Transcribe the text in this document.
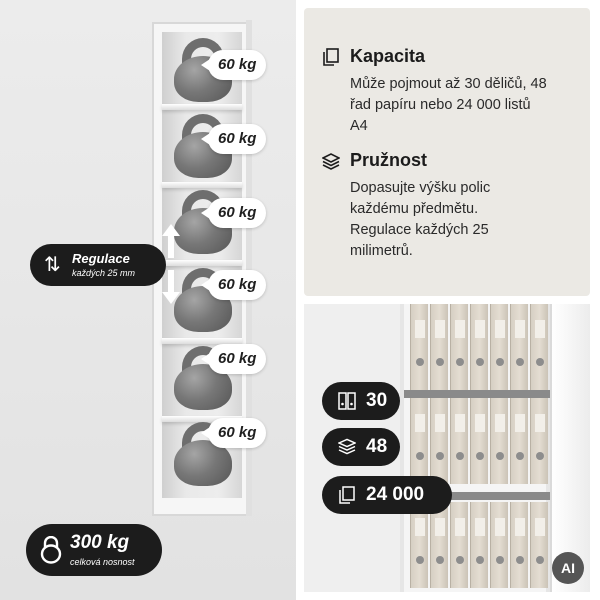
60 kg
60 kg
60 kg
60 kg
60 kg
60 kg
⇅ Regulace
každých 25 mm
300 kg
celková nosnost
Kapacita
Může pojmout až 30 děličů, 48
řad papíru nebo 24 000 listů
A4
Pružnost
Dopasujte výšku polic
každému předmětu.
Regulace každých 25
milimetrů.
30
48
24 000
AI
